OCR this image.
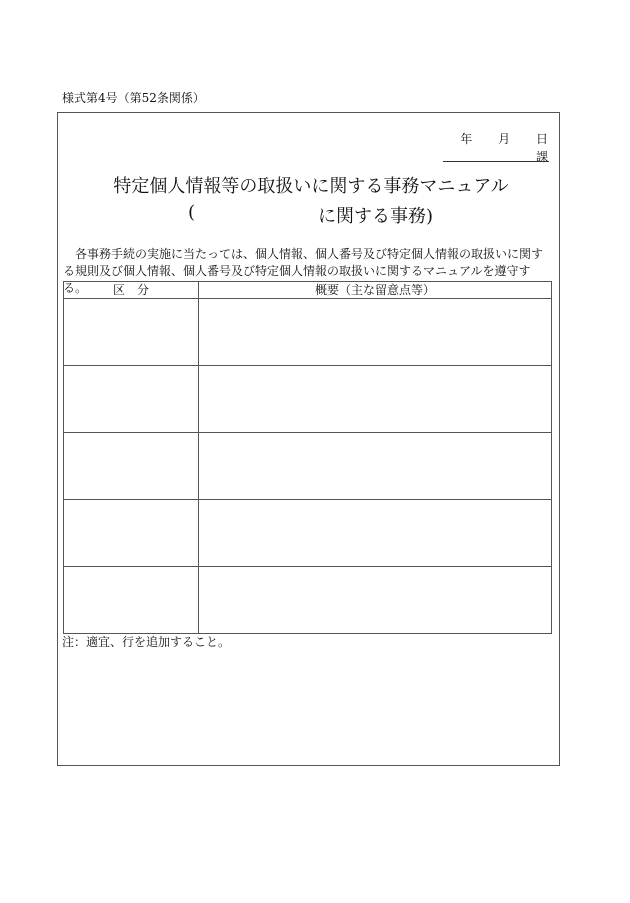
様式第4号（第52条関係）
年 月 日
課
特定個人情報等の取扱いに関する事務マニュアル
(	に関する事務)
各事務手続の実施に当たっては、個人情報、個人番号及び特定個人情報の取扱いに関する規則及び個人情報、個人番号及び特定個人情報の取扱いに関するマニュアルを遵守する。	区　分	概要（主な留意点等）

注：適宜、行を追加すること。
